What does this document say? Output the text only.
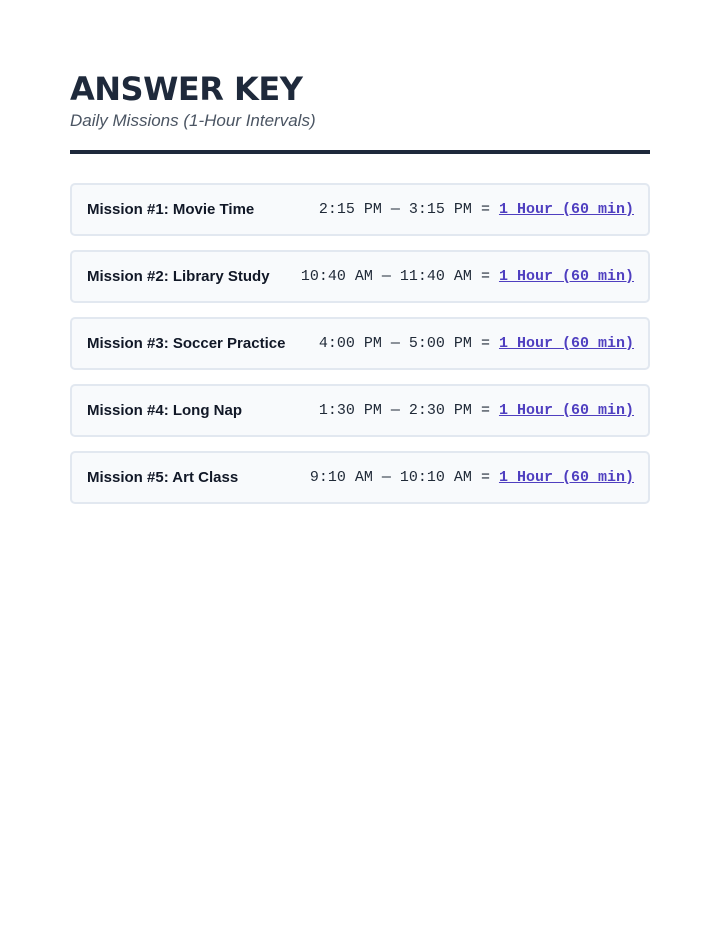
ANSWER KEY
Daily Missions (1-Hour Intervals)
Mission #1: Movie Time	2:15 PM — 3:15 PM = 1 Hour (60 min)
Mission #2: Library Study 10:40 AM — 11:40 AM = 1 Hour (60 min)
Mission #3: Soccer Practice 4:00 PM — 5:00 PM = 1 Hour (60 min)
Mission #4: Long Nap	1:30 PM — 2:30 PM = 1 Hour (60 min)
Mission #5: Art Class	9:10 AM — 10:10 AM = 1 Hour (60 min)
